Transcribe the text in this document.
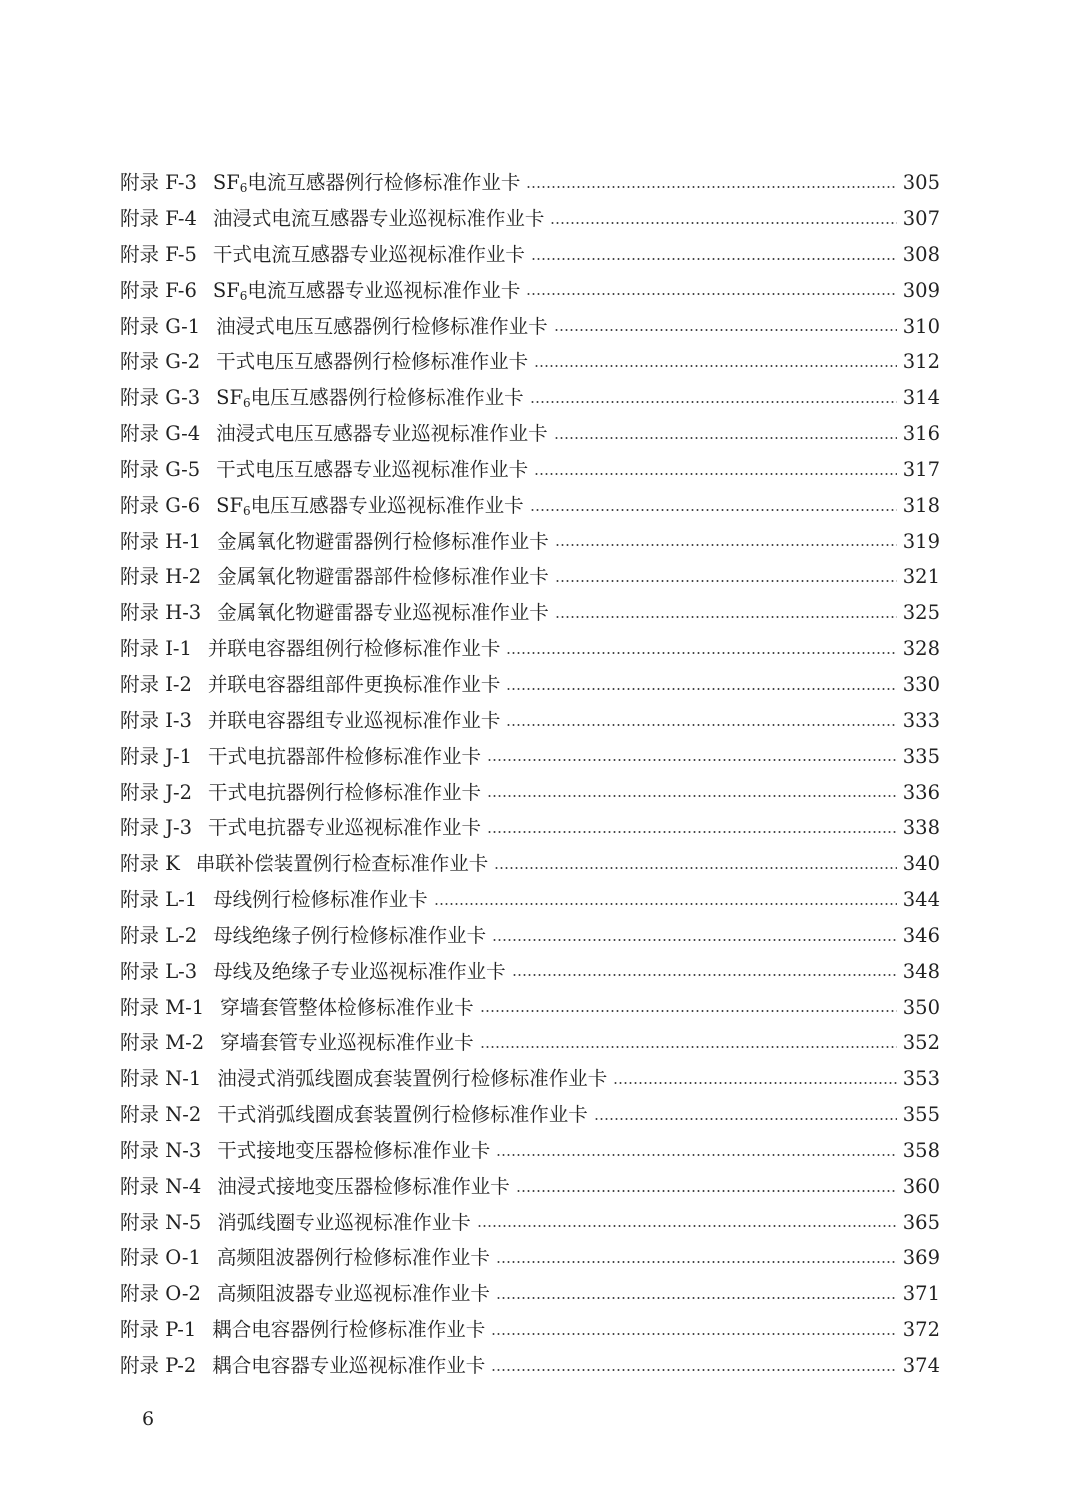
附录 F-3 $SF_6$电流互感器例行检修标准作业卡	305
附录 F-4 油浸式电流互感器专业巡视标准作业卡	307
附录 F-5 干式电流互感器专业巡视标准作业卡	308
附录 F-6 $SF_6$电流互感器专业巡视标准作业卡	309
附录 G-1 油浸式电压互感器例行检修标准作业卡	310
附录 G-2 干式电压互感器例行检修标准作业卡	312
附录 G-3 $SF_6$电压互感器例行检修标准作业卡	314
附录 G-4 油浸式电压互感器专业巡视标准作业卡	316
附录 G-5 干式电压互感器专业巡视标准作业卡	317
附录 G-6 $SF_6$电压互感器专业巡视标准作业卡	318
附录 H-1 金属氧化物避雷器例行检修标准作业卡	319
附录 H-2 金属氧化物避雷器部件检修标准作业卡	321
附录 H-3 金属氧化物避雷器专业巡视标准作业卡	325
附录 I-1 并联电容器组例行检修标准作业卡	328
附录 I-2 并联电容器组部件更换标准作业卡	330
附录 I-3 并联电容器组专业巡视标准作业卡	333
附录 J-1 干式电抗器部件检修标准作业卡	335
附录 J-2 干式电抗器例行检修标准作业卡	336
附录 J-3 干式电抗器专业巡视标准作业卡	338
附录 K 串联补偿装置例行检查标准作业卡	340
附录 L-1 母线例行检修标准作业卡	344
附录 L-2 母线绝缘子例行检修标准作业卡	346
附录 L-3 母线及绝缘子专业巡视标准作业卡	348
附录 M-1 穿墙套管整体检修标准作业卡	350
附录 M-2 穿墙套管专业巡视标准作业卡	352
附录 N-1 油浸式消弧线圈成套装置例行检修标准作业卡	353
附录 N-2 干式消弧线圈成套装置例行检修标准作业卡	355
附录 N-3 干式接地变压器检修标准作业卡	358
附录 N-4 油浸式接地变压器检修标准作业卡	360
附录 N-5 消弧线圈专业巡视标准作业卡	365
附录 O-1 高频阻波器例行检修标准作业卡	369
附录 O-2 高频阻波器专业巡视标准作业卡	371
附录 P-1 耦合电容器例行检修标准作业卡	372
附录 P-2 耦合电容器专业巡视标准作业卡	374
6
